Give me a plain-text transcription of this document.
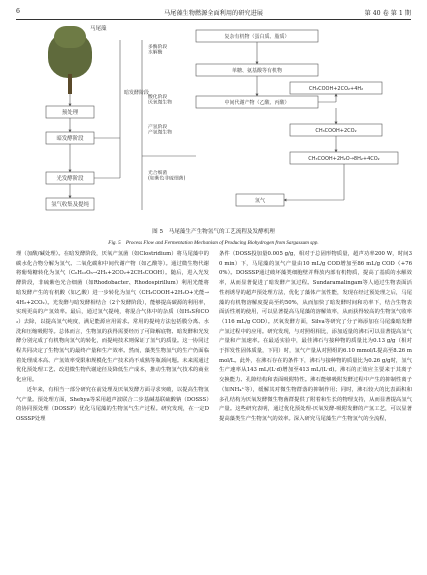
6	马尾藻生物燃源全面利用的研究进展	第 40 卷 第 1 期
马尾藻
预处理
暗发酵阶段
光发酵阶段
氢气收集及提纯
暗发酵阶段
多酶阶段水解酶
酸化阶段厌氧微生物
产氢阶段产氢微生物
光合细菌(如紫色非硫细菌)
复杂有机物（蛋白质、脂质）
单糖、氨基酸等有机物
CH₃COOH+2CO₂+4H₂
中间代谢产物（乙酸、丙酸）
CH₃COOH+2CO₂
CH₃COOH+2H₂O→8H₂+4CO₂
氢气
图 5　马尾藻生产生物氢气的工艺流程及发酵机理
Fig. 5　Process Flow and Fermentation Mechanism of Producing Biohydrogen from Sargassum spp.

理（加酸/碱处理）。在暗发酵阶段，厌氧产氢菌（如Clostridium）将马尾藻中的碳水化合物分解为氢气、二氧化碳和中间代谢产物（如乙酸等）。通过微生物代谢将葡萄糖转化为氢气（C₆H₁₂O₆→2H₂+2CO₂+2CH₃COOH）。随后，进入光发酵阶段，非硫紫色光合细菌（如Rhodobacter、Rhodospirillum）利用光能将暗发酵产生的有机酸（如乙酸）进一步转化为氢气（CH₃COOH+2H₂O+光能→4H₂+2CO₂）。光发酵与暗发酵相结合（2个发酵阶段），能够提高碳源的利用率，实现更高的产氢效率。最后，通过氢气提纯，将混合气体中的杂质（如H₂S和CO₂）去除，以提高氢气纯度，满足能源应用需求。常用的提纯方法包括膜分离、水洗和压缩吸附等。总体而言，生物氢的获得需要经历了可降解底物、暗发酵和光发酵分别完成了有机物向氢气的转化，而提纯技术则保证了氢气的质量。这一协同过程共同决定了生物氢气的最终产量和生产效率。然而，藻类生物氢气的生产仍面临着处理成本高、产氢效率受限和规模化生产技术尚不成熟等瓶颈问题。未来需通过优化预处理工艺、改进微生物代谢途径及降低生产成本，推动生物氢气技术的商业化应用。

近年来，有相当一部分研究在前处理及厌氧发酵方面寻求突破，以提高生物氢气产量。预处理方面，Shehya等采用超声波联合二步基碱基联硫酸钠（DOSSS）的协同预处理（DOSSP）优化马尾藻的生物氢气生产过程。研究发现，在一定DOSSSP处理

条件（DOSS投加量0.005 g/g，相对于总固形物质量，超声功率200 W，时间30 min）下，马尾藻的氢气产量由10 mL/g COD增加至86 mL/g COD（+760%）。DOSSSP通过破坏藻类细胞壁并释放内部有机物质，提高了基质的水解效率，从而显著促进了暗发酵产氢过程。Sundaramalingam等人通过生物表面活性剂诱导的超声预处理方法，优化了藻体产氢性能，发现在经过预处理之后，马尾藻的有机物溶解度提高至约50%，从而加快了暗发酵时间和功率下，结合生物表面活性剂的使用，可以显著提高马尾藻的溶解效率，从而获得较高的生物氢气收率（116 mL/g COD）。厌氧发酵方面，Silva等研究了分子筛添加在马尾藻暗发酵产氢过程中的应用。研究发现，与对照组相比，添加适量的沸石可以显著提高氢气产量和产氢速率。在最适实验中，最佳沸石与接种物的质量比为0.13 g/g（相对于挥发性固体质量，下同）时，氢气产量从对照组的6.10 mmol/L提高至8.26 mmol/L。此外，在沸石存在的条件下，沸石与接种物的质量比为0.26 g/g时，氢气生产速率从143 mL/(L·d)增加至413 mL/(L·d)。沸石的正效应主要来于其离子交换能力、孔隙结构和表面吸附特性。沸石能够吸附发酵过程中产生的抑制性离子（如NH₄⁺等），缓解其对微生物群落的抑制作用；同时，沸石较大的比表面积和多孔结构为厌氧发酵微生物菌群提供了附着和生长的物理支持，从而显著提高氢气产量。这些研究表明，通过优化预处理-厌氧发酵-吸附发酵的产氢工艺，可以显著提高藻类生产生物氢气的效率。深入研究马尾藻生产生物氢气的全流程，
